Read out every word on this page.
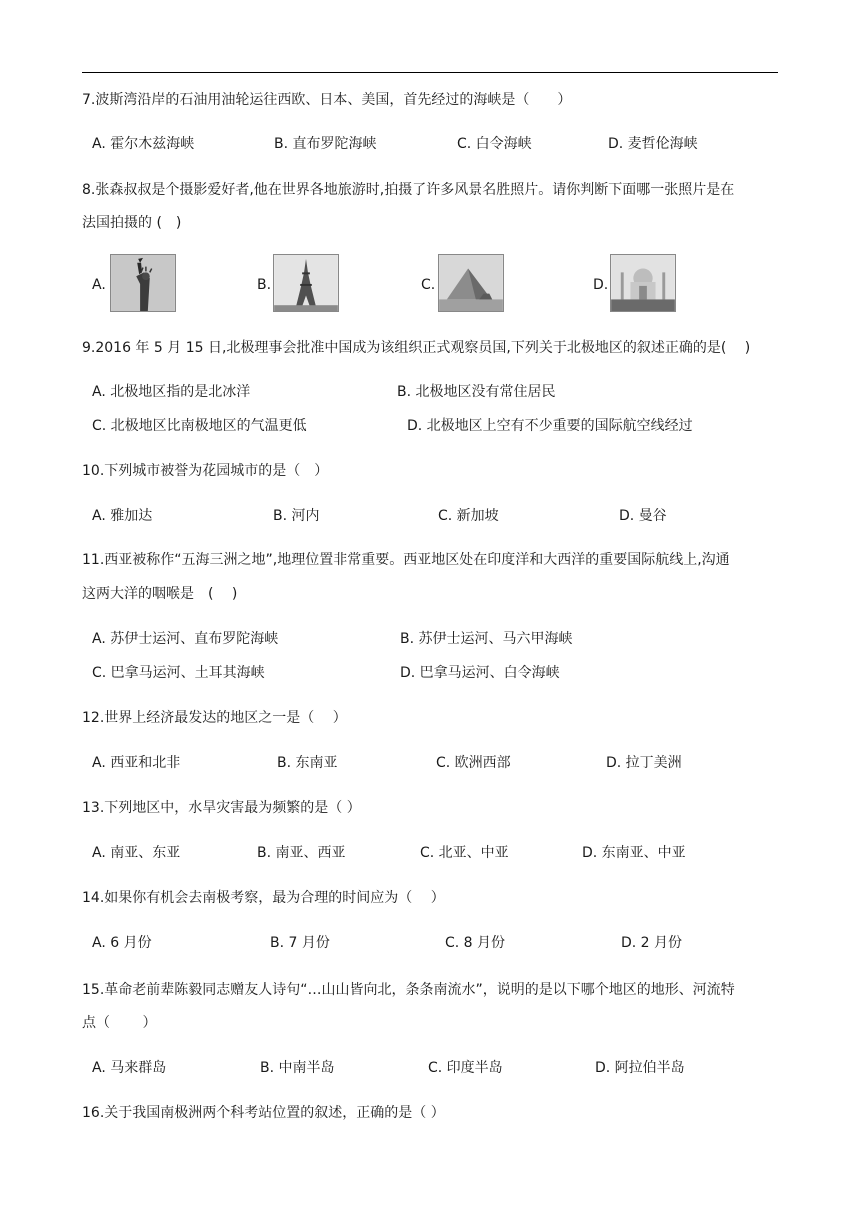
7.波斯湾沿岸的石油用油轮运往西欧、日本、美国，首先经过的海峡是（　　）
A. 霍尔木兹海峡	B. 直布罗陀海峡	C. 白令海峡	D. 麦哲伦海峡
8.张森叔叔是个摄影爱好者,他在世界各地旅游时,拍摄了许多风景名胜照片。请你判断下面哪一张照片是在
法国拍摄的 (　)
A.	B.	C.	D.
9.2016 年 5 月 15 日,北极理事会批准中国成为该组织正式观察员国,下列关于北极地区的叙述正确的是(　 )
A. 北极地区指的是北冰洋	B. 北极地区没有常住居民
C. 北极地区比南极地区的气温更低	D. 北极地区上空有不少重要的国际航空线经过
10.下列城市被誉为花园城市的是（　）
A. 雅加达	B. 河内	C. 新加坡	D. 曼谷
11.西亚被称作“五海三洲之地”,地理位置非常重要。西亚地区处在印度洋和大西洋的重要国际航线上,沟通
这两大洋的咽喉是　(　 )
A. 苏伊士运河、直布罗陀海峡	B. 苏伊士运河、马六甲海峡
C. 巴拿马运河、土耳其海峡	D. 巴拿马运河、白令海峡
12.世界上经济最发达的地区之一是（　 ）
A. 西亚和北非	B. 东南亚	C. 欧洲西部	D. 拉丁美洲
13.下列地区中，水旱灾害最为频繁的是（ ）
A. 南亚、东亚	B. 南亚、西亚	C. 北亚、中亚	D. 东南亚、中亚
14.如果你有机会去南极考察，最为合理的时间应为（　 ）
A. 6 月份	B. 7 月份	C. 8 月份	D. 2 月份
15.革命老前辈陈毅同志赠友人诗句“…山山皆向北，条条南流水”，说明的是以下哪个地区的地形、河流特
点（　　 ）
A. 马来群岛	B. 中南半岛	C. 印度半岛	D. 阿拉伯半岛
16.关于我国南极洲两个科考站位置的叙述，正确的是（ ）
